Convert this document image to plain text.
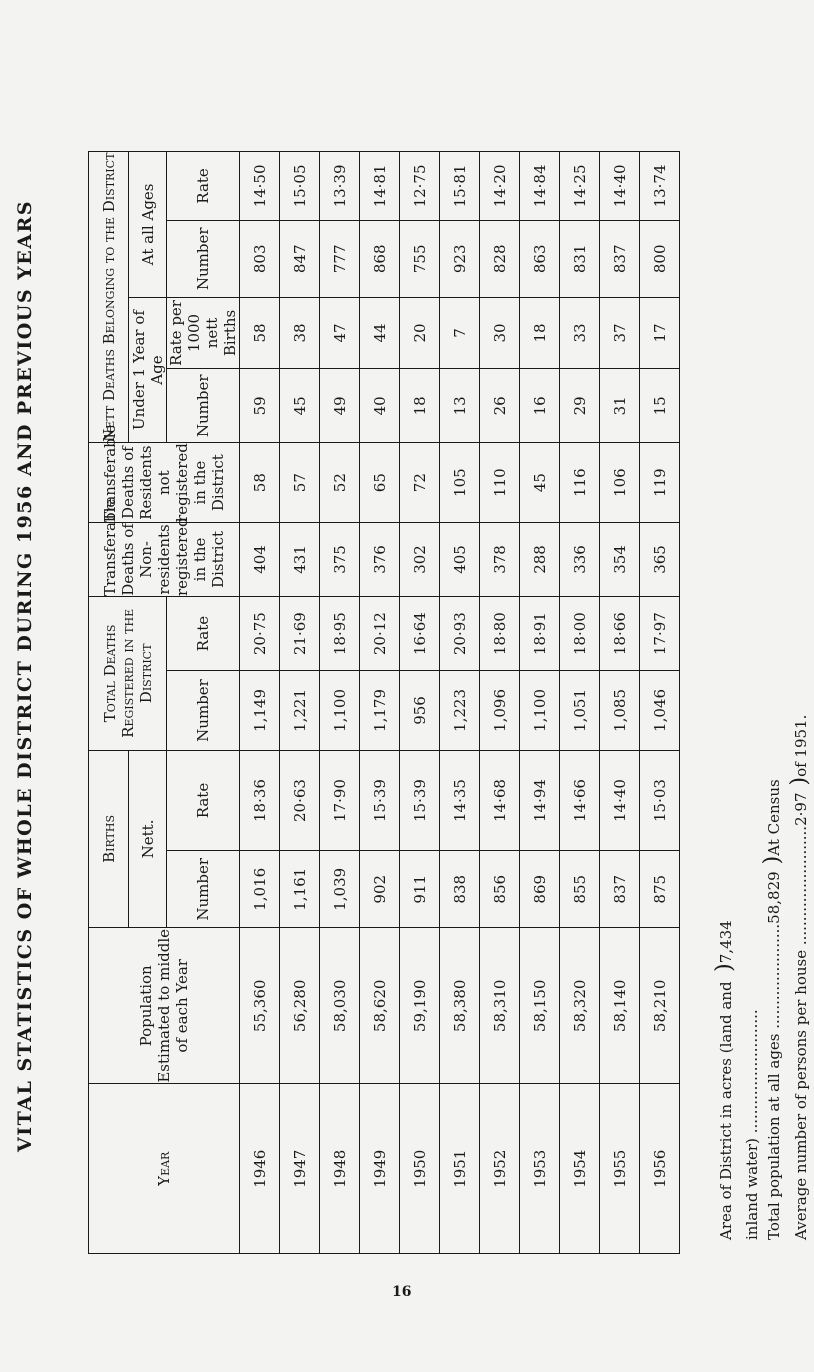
VITAL STATISTICS OF WHOLE DISTRICT DURING 1956 AND PREVIOUS YEARS
Year	Population Estimated to middle of each Year	Births		Total Deaths Registered in the District		Transferable Deaths of Non-residents registered in the District	Transferable Deaths of Residents not registered in the District	Nett Deaths Belonging to the District			
		Nett.						Under 1 Year of Age		At all Ages	
		Number	Rate	Number	Rate			Number	Rate per 1000 nett Births	Number	Rate
1946	55,360	1,016	18·36	1,149	20·75	404	58	59	58	803	14·50
1947	56,280	1,161	20·63	1,221	21·69	431	57	45	38	847	15·05
1948	58,030	1,039	17·90	1,100	18·95	375	52	49	47	777	13·39
1949	58,620	902	15·39	1,179	20·12	376	65	40	44	868	14·81
1950	59,190	911	15·39	956	16·64	302	72	18	20	755	12·75
1951	58,380	838	14·35	1,223	20·93	405	105	13	7	923	15·81
1952	58,310	856	14·68	1,096	18·80	378	110	26	30	828	14·20
1953	58,150	869	14·94	1,100	18·91	288	45	16	18	863	14·84
1954	58,320	855	14·66	1,051	18·00	336	116	29	33	831	14·25
1955	58,140	837	14·40	1,085	18·66	354	106	31	37	837	14·40
1956	58,210	875	15·03	1,046	17·97	365	119	15	17	800	13·74
16
Area of District in acres (land and  )7,434
inland water) .......................... Total population at all ages ......................58,829 )At Census
Average number of persons per house .........................2·97 )of 1951.
